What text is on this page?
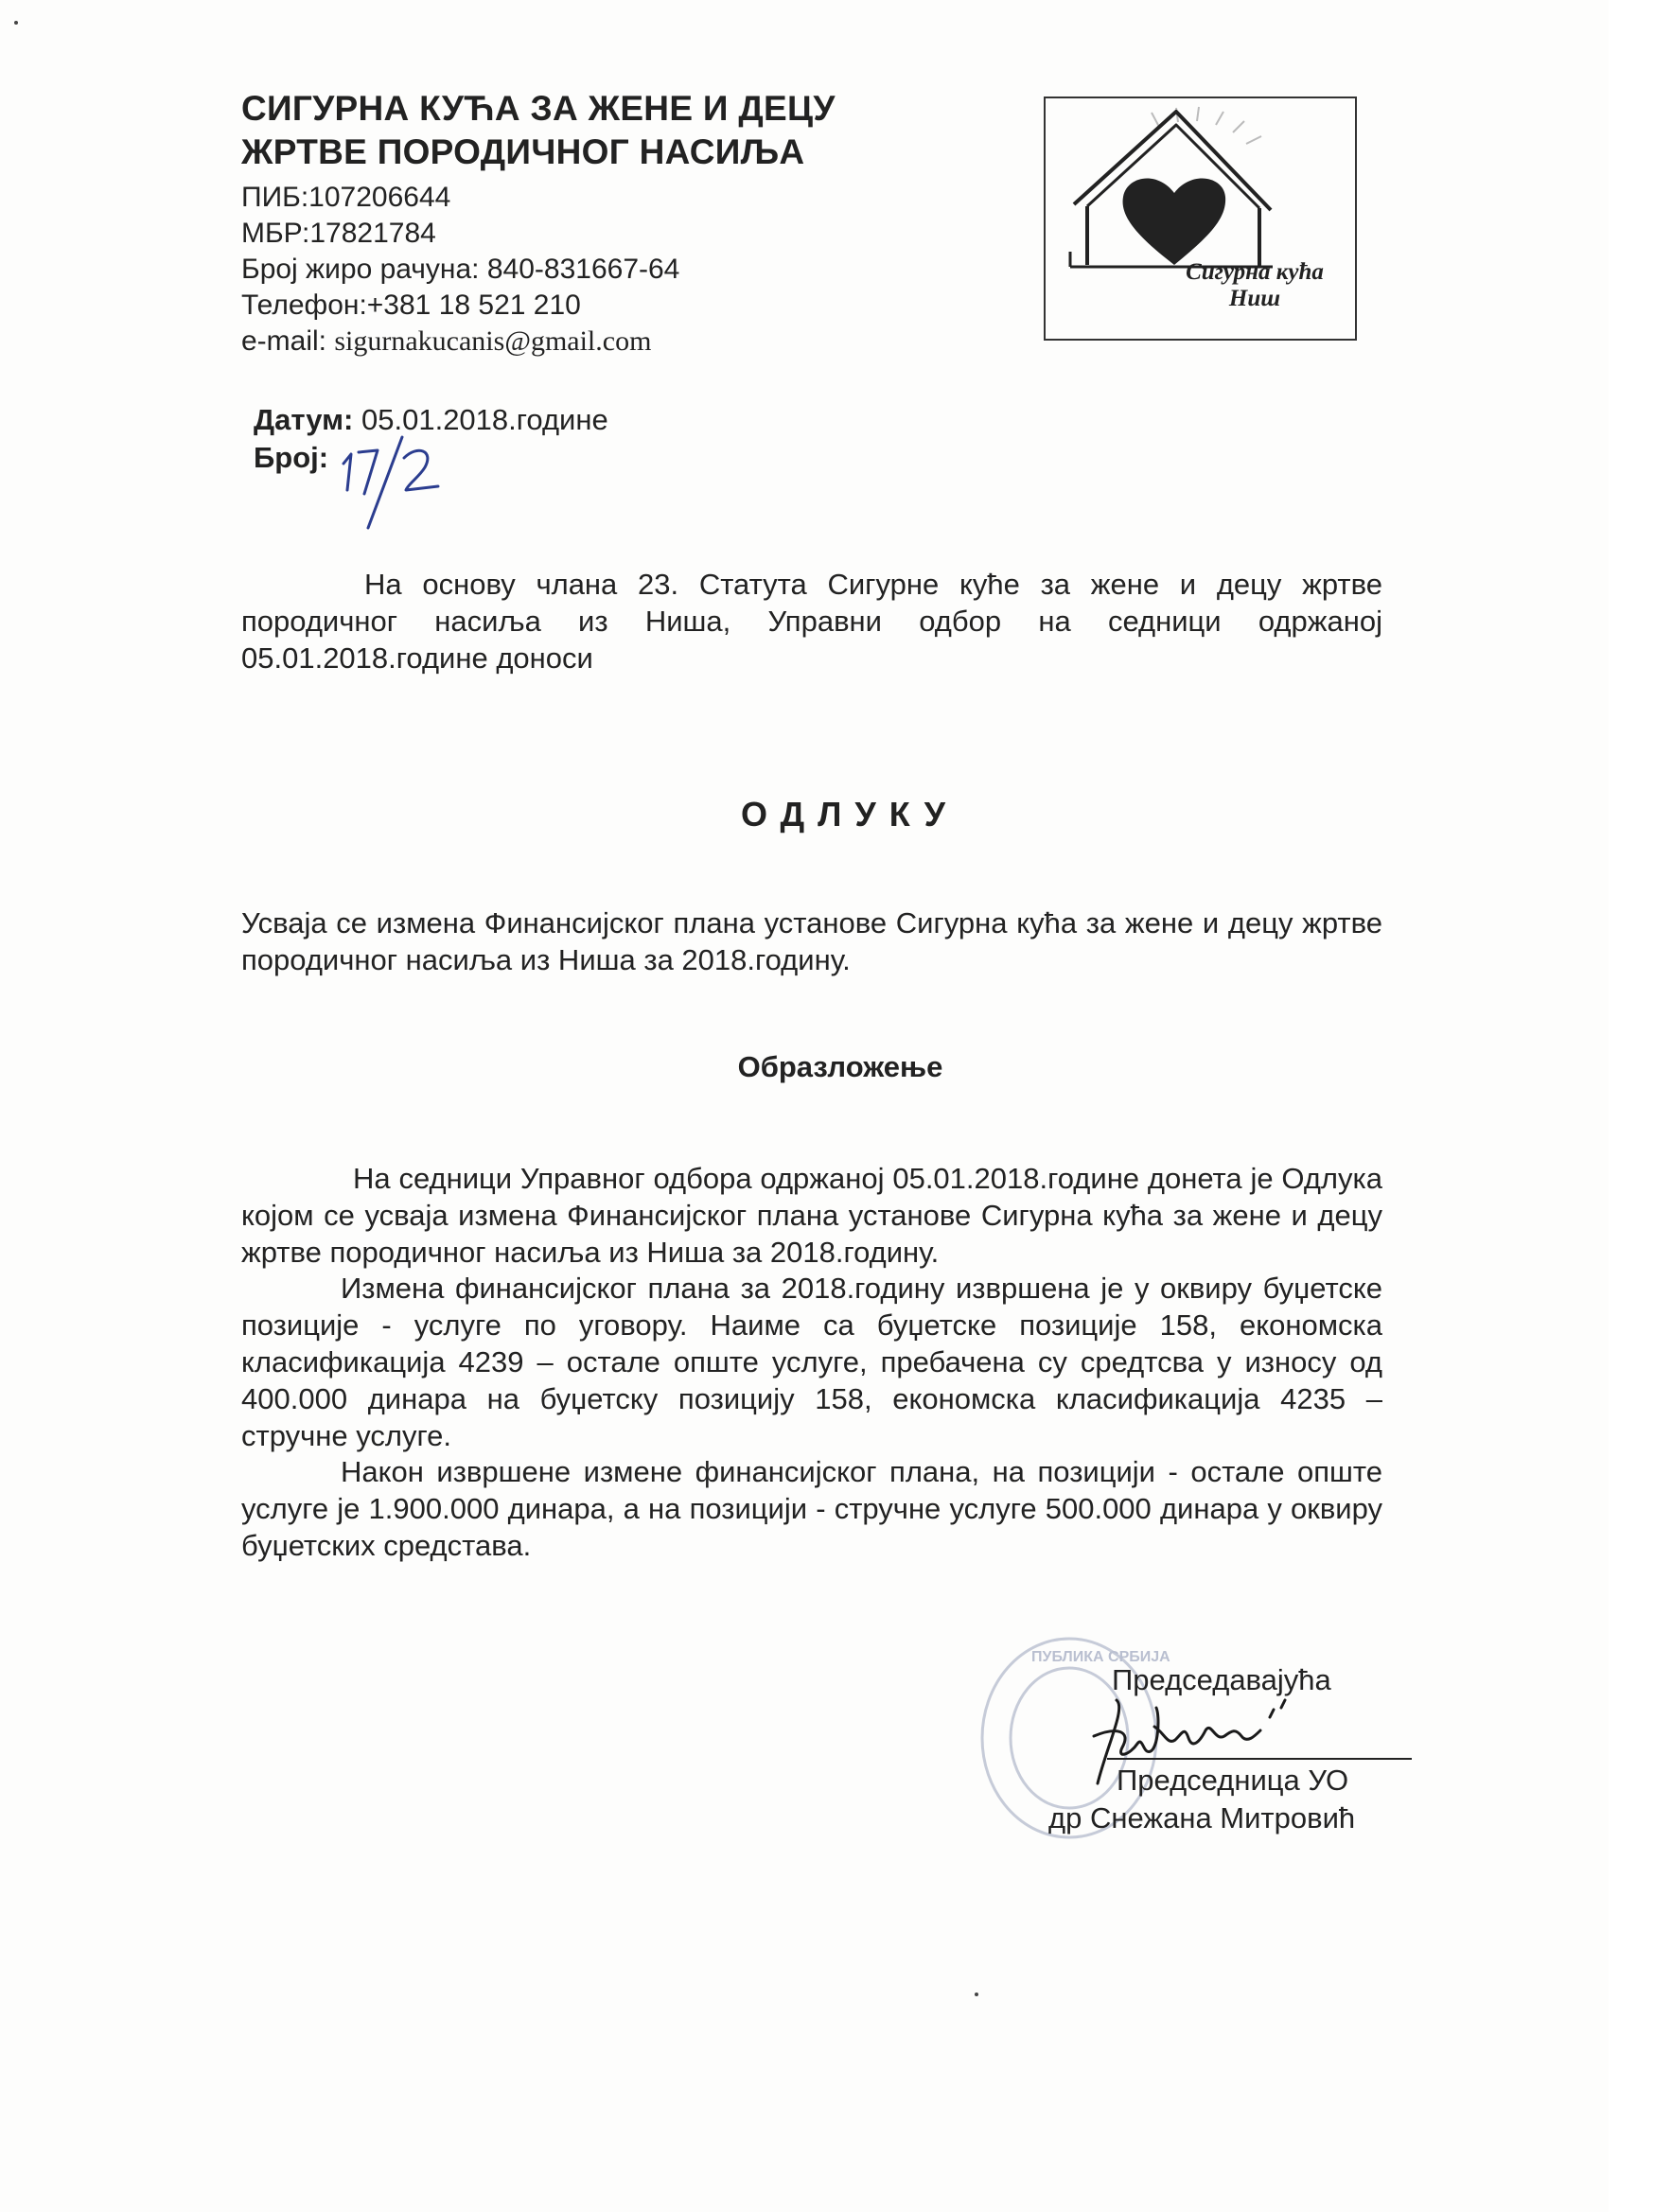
СИГУРНА КУЋА ЗА ЖЕНЕ И ДЕЦУ
ЖРТВЕ ПОРОДИЧНОГ НАСИЉА
ПИБ:107206644
МБР:17821784
Број жиро рачуна: 840-831667-64
Телефон:+381 18 521 210
e-mail: sigurnakucanis@gmail.com
Сигурна кућа
Ниш
Датум: 05.01.2018.године
Број:
На основу члана 23. Статута Сигурне куће за жене и децу жртве породичног насиља из Ниша, Управни одбор на седници одржаној 05.01.2018.године доноси
ОДЛУКУ
Усваја се измена Финансијског плана установе Сигурна кућа за жене и децу жртве породичног насиља из Ниша за 2018.годину.
Образложење
На седници Управног одбора одржаној 05.01.2018.године донета је Одлука којом се усваја измена Финансијског плана установе Сигурна кућа за жене и децу жртве породичног насиља из Ниша за 2018.годину.
Измена финансијског плана за 2018.годину извршена је у оквиру буџетске позиције - услуге по уговору. Наиме са буџетске позиције 158, економска класификација 4239 – остале опште услуге, пребачена су средтсва у износу од 400.000 динара на буџетску позицију 158, економска класификација 4235 – стручне услуге.
Након извршене измене финансијског плана, на позицији - остале опште услуге је 1.900.000 динара, а на позицији - стручне услуге 500.000 динара у оквиру буџетских средстава.
ПУБЛИКА СРБИЈА
Председавајућа
Председница УО
др Снежана Митровић
